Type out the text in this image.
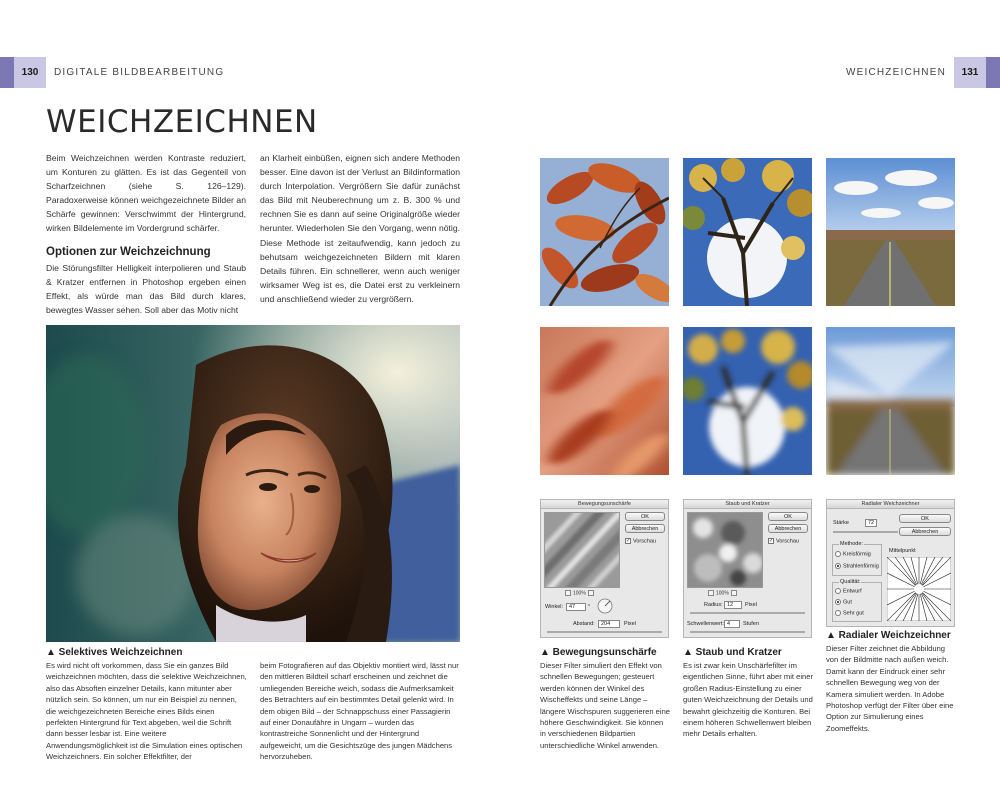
130	DIGITALE BILDBEARBEITUNG	WEICHZEICHNEN	131
WEICHZEICHNEN

Beim Weichzeichnen werden Kontraste reduziert, um Konturen zu glätten. Es ist das Gegenteil von Scharfzeichnen (siehe S. 126–129). Paradoxerweise können weichgezeichnete Bilder an Schärfe gewinnen: Verschwimmt der Hintergrund, wirken Bildelemente im Vordergrund schärfer.

Optionen zur Weichzeichnung

Die Störungsfilter Helligkeit interpolieren und Staub & Kratzer entfernen in Photoshop ergeben einen Effekt, als würde man das Bild durch klares, bewegtes Wasser sehen. Soll aber das Motiv nicht

an Klarheit einbüßen, eignen sich andere Methoden besser. Eine davon ist der Verlust an Bildinformation durch Interpolation. Vergrößern Sie dafür zunächst das Bild mit Neuberechnung um z. B. 300 % und rechnen Sie es dann auf seine Originalgröße wieder herunter. Wiederholen Sie den Vorgang, wenn nötig. Diese Methode ist zeitaufwendig, kann jedoch zu behutsam weichgezeichneten Bildern mit klaren Details führen. Ein schnellerer, wenn auch weniger wirksamer Weg ist es, die Datei erst zu verkleinern und anschließend wieder zu vergrößern.

▲ Selektives Weichzeichnen
Es wird nicht oft vorkommen, dass Sie ein ganzes Bild weichzeichnen möchten, dass die selektive Weichzeichnen, also das Absoften einzelner Details, kann mitunter aber nützlich sein. So können, um nur ein Beispiel zu nennen, die weichgezeichneten Bereiche eines Bilds einen perfekten Hintergrund für Text abgeben, weil die Schrift dann besser lesbar ist. Eine weitere Anwendungsmöglichkeit ist die Simulation eines optischen Weichzeichners. Ein solcher Effektfilter, der
beim Fotografieren auf das Objektiv montiert wird, lässt nur den mittleren Bildteil scharf erscheinen und zeichnet die umliegenden Bereiche weich, sodass die Aufmerksamkeit des Betrachters auf ein bestimmtes Detail gelenkt wird. In dem obigen Bild – der Schnappschuss einer Passagierin auf einer Donaufähre in Ungarn – wurden das kontrastreiche Sonnenlicht und der Hintergrund aufgeweicht, um die Gesichtszüge des jungen Mädchens hervorzuheben.
Bewegungsunschärfe
OK
Abbrechen
✓ Vorschau
100%
Winkel:	47	°
Abstand:	204	Pixel
Staub und Kratzer
OK
Abbrechen
✓ Vorschau
100%
Radius: 12	Pixel
Schwellenwert: 4	Stufen
Radialer Weichzeichner
Stärke	72
OK
Abbrechen
Methode:
Kreisförmig
Strahlenförmig
Qualität:
Entwurf
Gut
Sehr gut
Mittelpunkt
▲ Bewegungsunschärfe
Dieser Filter simuliert den Effekt von schnellen Bewegungen; gesteuert werden können der Winkel des Wischeffekts und seine Länge – längere Wischspuren suggerieren eine höhere Geschwindigkeit. Sie können in verschiedenen Bildpartien unterschiedliche Winkel anwenden.
▲ Staub und Kratzer
Es ist zwar kein Unschärfefilter im eigentlichen Sinne, führt aber mit einer großen Radius-Einstellung zu einer guten Weichzeichnung der Details und bewahrt gleichzeitig die Konturen. Bei einem höheren Schwellenwert bleiben mehr Details erhalten.
▲ Radialer Weichzeichner
Dieser Filter zeichnet die Abbildung von der Bildmitte nach außen weich. Damit kann der Eindruck einer sehr schnellen Bewegung weg von der Kamera simuliert werden. In Adobe Photoshop verfügt der Filter über eine Option zur Simulierung eines Zoomeffekts.
